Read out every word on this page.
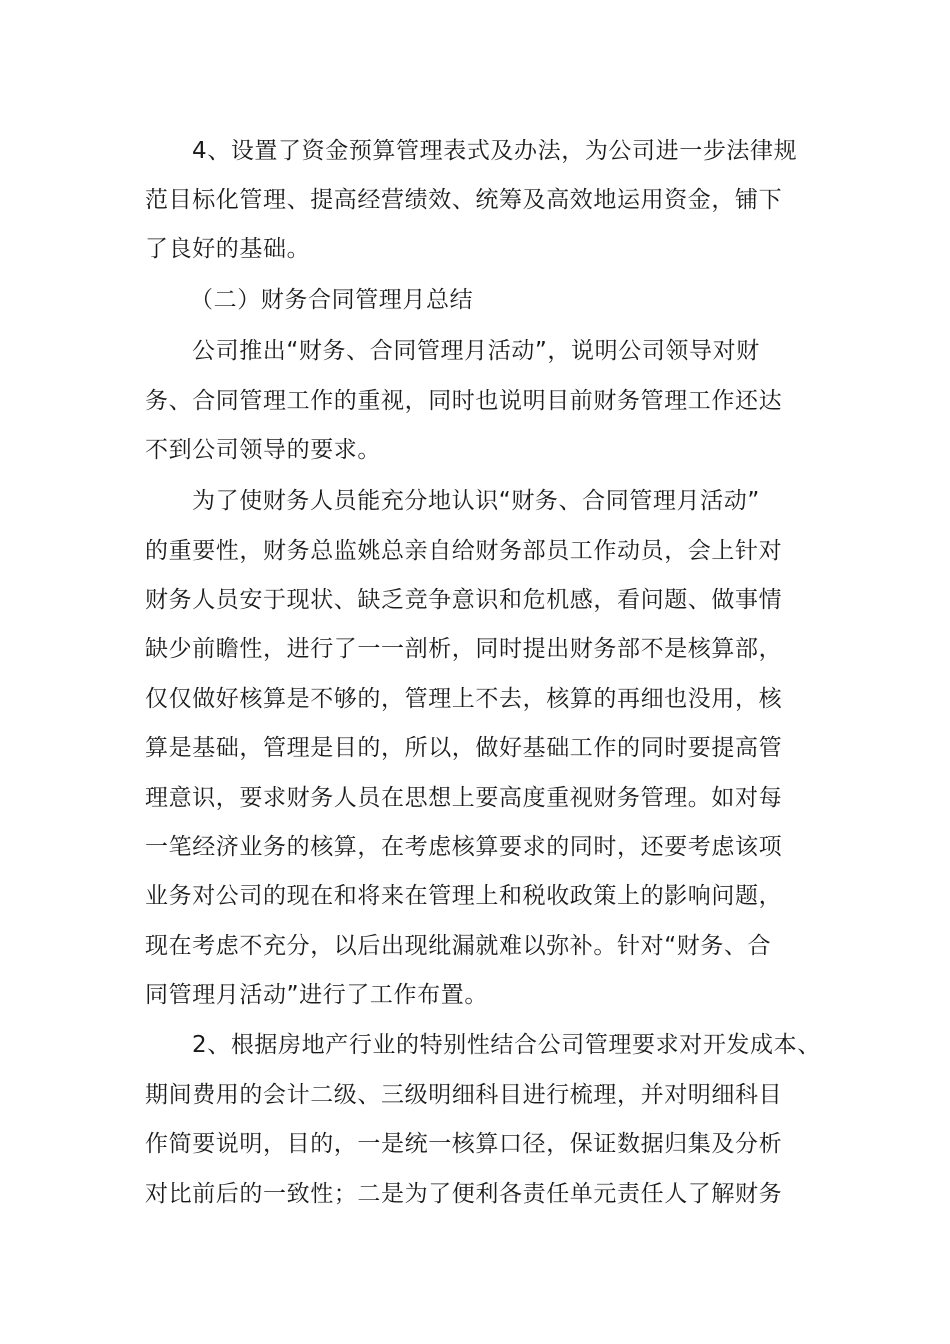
4、设置了资金预算管理表式及办法，为公司进一步法律规
范目标化管理、提高经营绩效、统筹及高效地运用资金，铺下
了良好的基础。
（二）财务合同管理月总结
公司推出“财务、合同管理月活动”，说明公司领导对财
务、合同管理工作的重视，同时也说明目前财务管理工作还达
不到公司领导的要求。
为了使财务人员能充分地认识“财务、合同管理月活动”
的重要性，财务总监姚总亲自给财务部员工作动员，会上针对
财务人员安于现状、缺乏竞争意识和危机感，看问题、做事情
缺少前瞻性，进行了一一剖析，同时提出财务部不是核算部，
仅仅做好核算是不够的，管理上不去，核算的再细也没用，核
算是基础，管理是目的，所以，做好基础工作的同时要提高管
理意识，要求财务人员在思想上要高度重视财务管理。如对每
一笔经济业务的核算，在考虑核算要求的同时，还要考虑该项
业务对公司的现在和将来在管理上和税收政策上的影响问题，
现在考虑不充分，以后出现纰漏就难以弥补。针对“财务、合
同管理月活动”进行了工作布置。
2、根据房地产行业的特别性结合公司管理要求对开发成本、
期间费用的会计二级、三级明细科目进行梳理，并对明细科目
作简要说明，目的，一是统一核算口径，保证数据归集及分析
对比前后的一致性；二是为了便利各责任单元责任人了解财务
